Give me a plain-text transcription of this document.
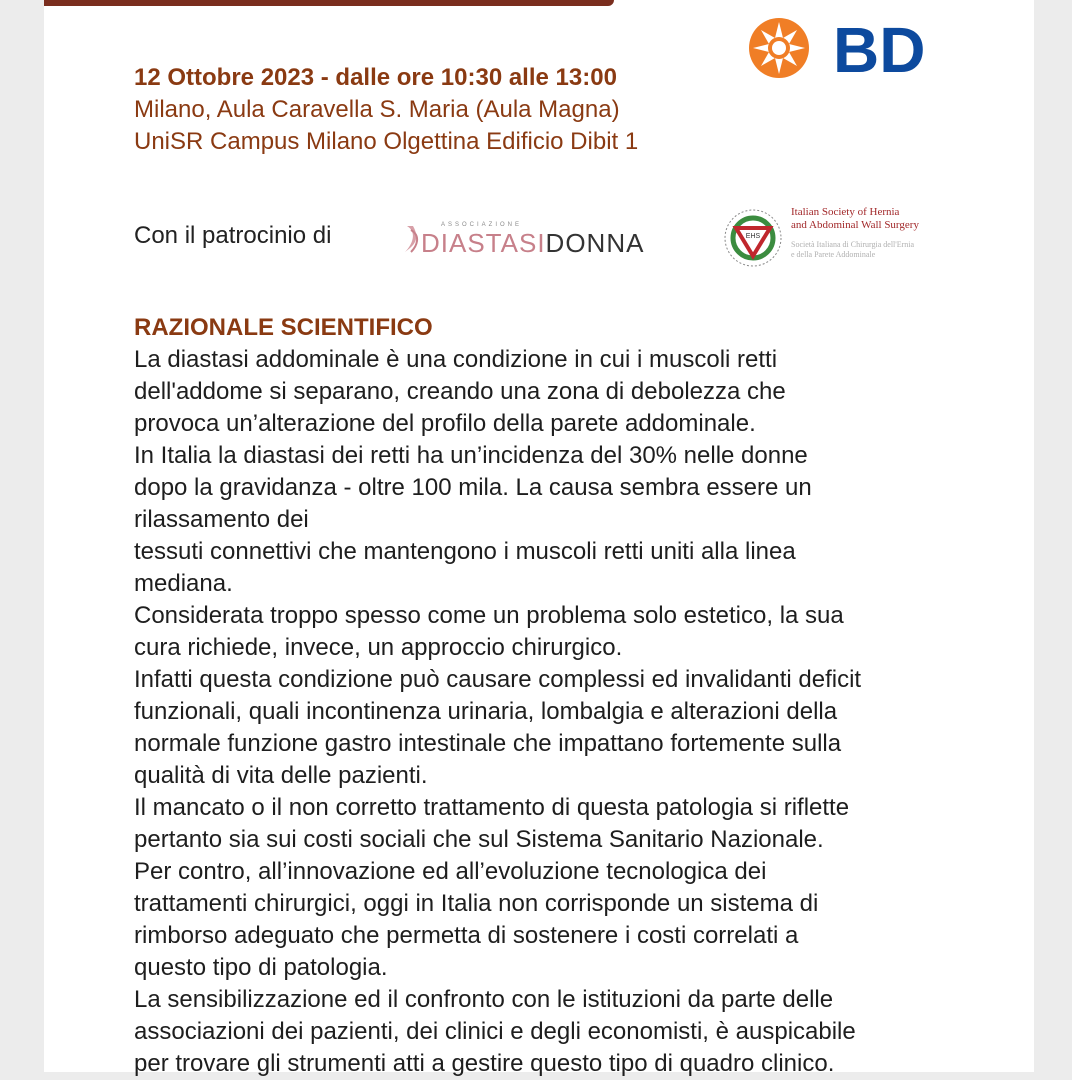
12 Ottobre 2023 - dalle ore 10:30 alle 13:00
Milano, Aula Caravella S. Maria (Aula Magna)
UniSR Campus Milano Olgettina Edificio Dibit 1
BD
Con il patrocinio di	ASSOCIAZIONE
DIASTASIDONNA	EHS
Italian Society of Hernia
and Abdominal Wall Surgery
Società Italiana di Chirurgia dell'Ernia
e della Parete Addominale
RAZIONALE SCIENTIFICO
La diastasi addominale è una condizione in cui i muscoli retti
dell'addome si separano, creando una zona di debolezza che
provoca un’alterazione del profilo della parete addominale.
In Italia la diastasi dei retti ha un’incidenza del 30% nelle donne
dopo la gravidanza - oltre 100 mila. La causa sembra essere un
rilassamento dei
tessuti connettivi che mantengono i muscoli retti uniti alla linea
mediana.
Considerata troppo spesso come un problema solo estetico, la sua
cura richiede, invece, un approccio chirurgico.
Infatti questa condizione può causare complessi ed invalidanti deficit
funzionali, quali incontinenza urinaria, lombalgia e alterazioni della
normale funzione gastro intestinale che impattano fortemente sulla
qualità di vita delle pazienti.
Il mancato o il non corretto trattamento di questa patologia si riflette
pertanto sia sui costi sociali che sul Sistema Sanitario Nazionale.
Per contro, all’innovazione ed all’evoluzione tecnologica dei
trattamenti chirurgici, oggi in Italia non corrisponde un sistema di
rimborso adeguato che permetta di sostenere i costi correlati a
questo tipo di patologia.
La sensibilizzazione ed il confronto con le istituzioni da parte delle
associazioni dei pazienti, dei clinici e degli economisti, è auspicabile
per trovare gli strumenti atti a gestire questo tipo di quadro clinico.
